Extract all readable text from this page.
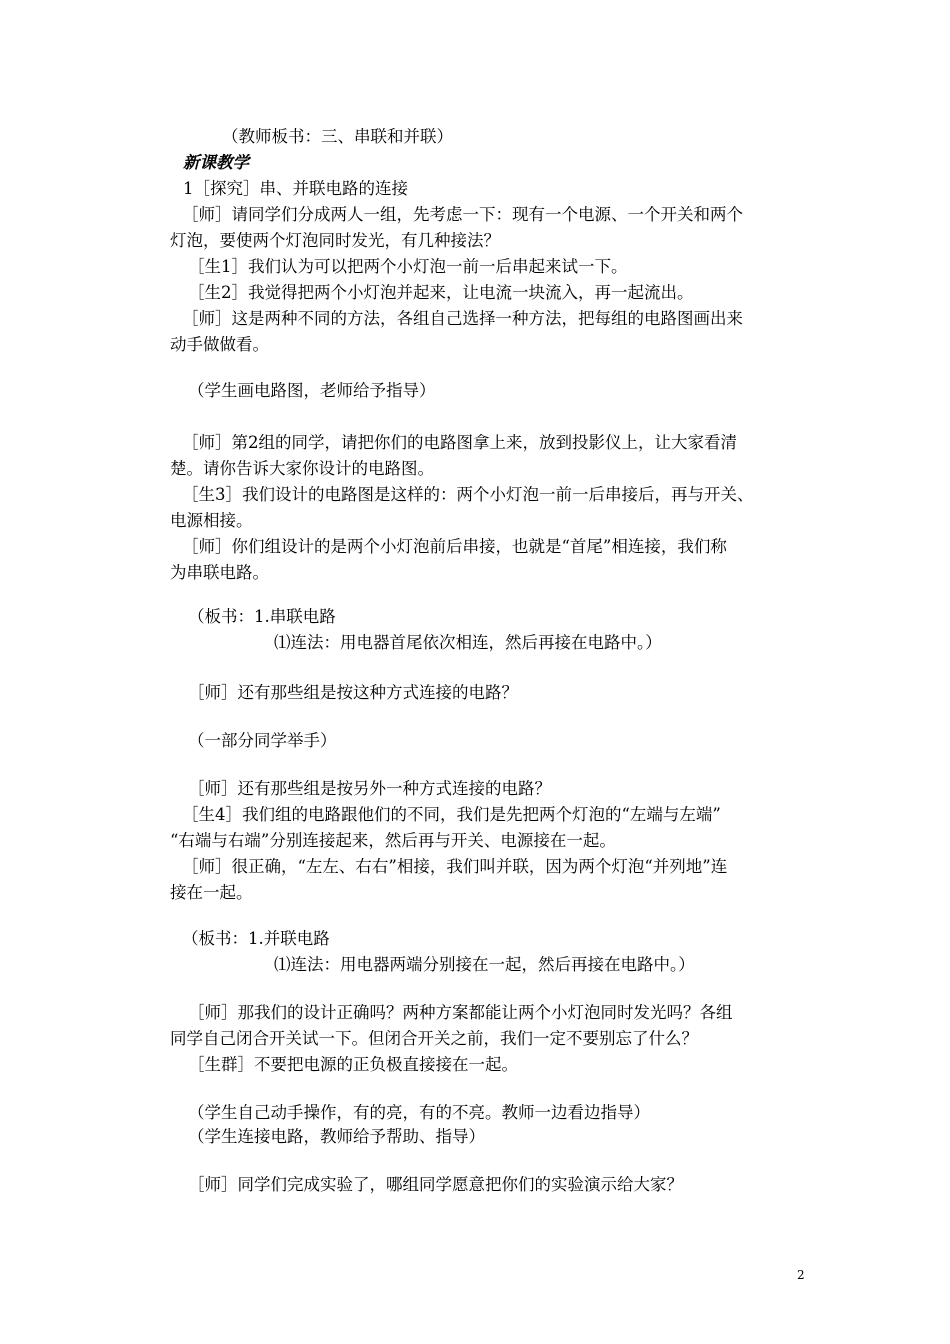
（教师板书：三、串联和并联）
新课教学
1［探究］串、并联电路的连接
［师］请同学们分成两人一组，先考虑一下：现有一个电源、一个开关和两个
灯泡，要使两个灯泡同时发光，有几种接法？
［生1］我们认为可以把两个小灯泡一前一后串起来试一下。
［生2］我觉得把两个小灯泡并起来，让电流一块流入，再一起流出。
［师］这是两种不同的方法，各组自己选择一种方法，把每组的电路图画出来
动手做做看。
（学生画电路图，老师给予指导）
［师］第2组的同学，请把你们的电路图拿上来，放到投影仪上，让大家看清
楚。请你告诉大家你设计的电路图。
［生3］我们设计的电路图是这样的：两个小灯泡一前一后串接后，再与开关、
电源相接。
［师］你们组设计的是两个小灯泡前后串接，也就是“首尾”相连接，我们称
为串联电路。
（板书：1.串联电路
⑴连法：用电器首尾依次相连，然后再接在电路中。）
［师］还有那些组是按这种方式连接的电路？
（一部分同学举手）
［师］还有那些组是按另外一种方式连接的电路？
［生4］我们组的电路跟他们的不同，我们是先把两个灯泡的“左端与左端”
“右端与右端”分别连接起来，然后再与开关、电源接在一起。
［师］很正确，“左左、右右”相接，我们叫并联，因为两个灯泡“并列地”连
接在一起。
（板书：1.并联电路
⑴连法：用电器两端分别接在一起，然后再接在电路中。）
［师］那我们的设计正确吗？两种方案都能让两个小灯泡同时发光吗？各组
同学自己闭合开关试一下。但闭合开关之前，我们一定不要别忘了什么？
［生群］不要把电源的正负极直接接在一起。
（学生自己动手操作，有的亮，有的不亮。教师一边看边指导）
（学生连接电路，教师给予帮助、指导）
［师］同学们完成实验了，哪组同学愿意把你们的实验演示给大家？
2
